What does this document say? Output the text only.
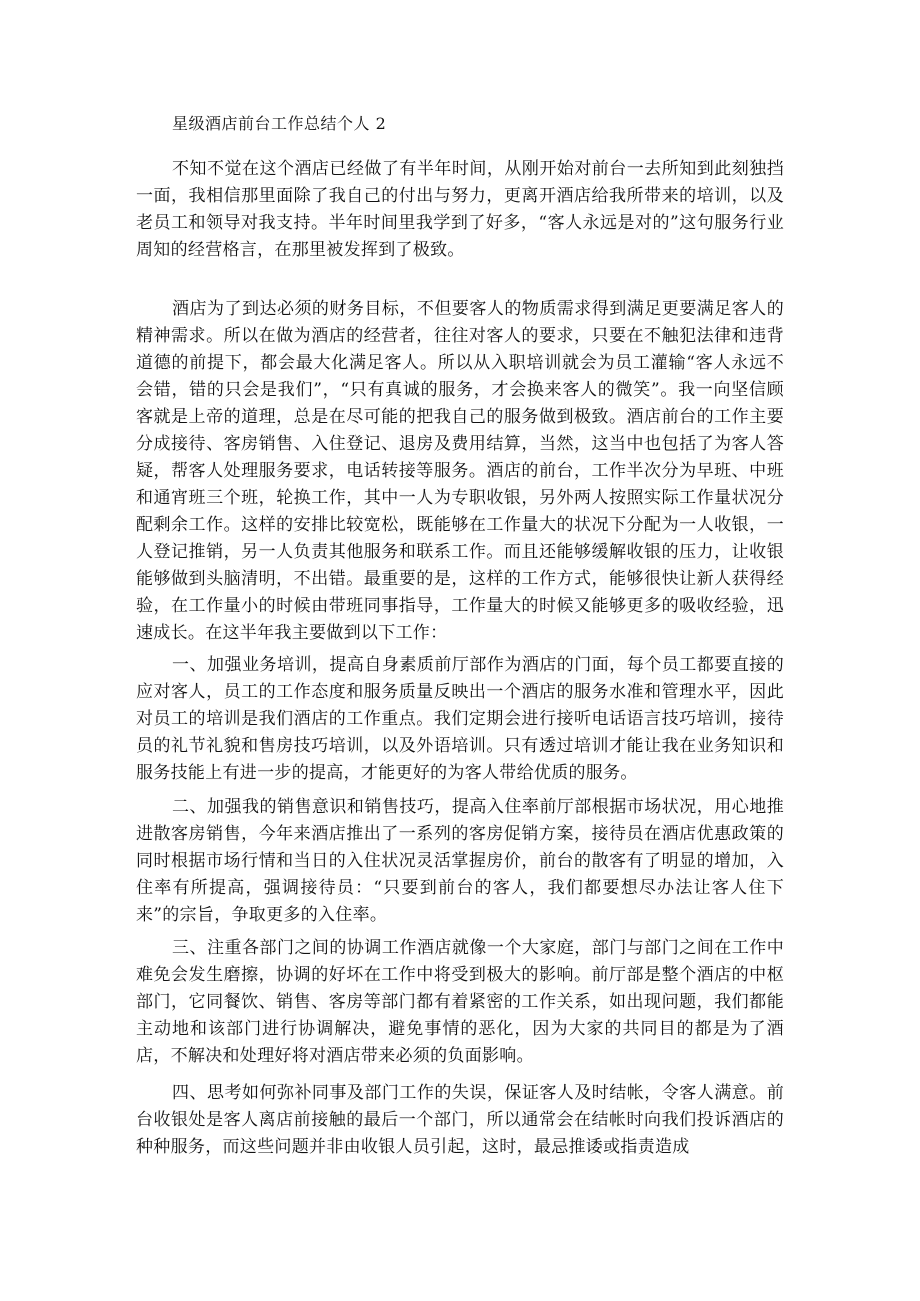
星级酒店前台工作总结个人 2

不知不觉在这个酒店已经做了有半年时间，从刚开始对前台一去所知到此刻独挡一面，我相信那里面除了我自己的付出与努力，更离开酒店给我所带来的培训，以及老员工和领导对我支持。半年时间里我学到了好多，“客人永远是对的”这句服务行业周知的经营格言，在那里被发挥到了极致。

酒店为了到达必须的财务目标，不但要客人的物质需求得到满足更要满足客人的精神需求。所以在做为酒店的经营者，往往对客人的要求，只要在不触犯法律和违背道德的前提下，都会最大化满足客人。所以从入职培训就会为员工灌输“客人永远不会错，错的只会是我们”，“只有真诚的服务，才会换来客人的微笑”。我一向坚信顾客就是上帝的道理，总是在尽可能的把我自己的服务做到极致。酒店前台的工作主要分成接待、客房销售、入住登记、退房及费用结算，当然，这当中也包括了为客人答疑，帮客人处理服务要求，电话转接等服务。酒店的前台，工作半次分为早班、中班和通宵班三个班，轮换工作，其中一人为专职收银，另外两人按照实际工作量状况分配剩余工作。这样的安排比较宽松，既能够在工作量大的状况下分配为一人收银，一人登记推销，另一人负责其他服务和联系工作。而且还能够缓解收银的压力，让收银能够做到头脑清明，不出错。最重要的是，这样的工作方式，能够很快让新人获得经验，在工作量小的时候由带班同事指导，工作量大的时候又能够更多的吸收经验，迅速成长。在这半年我主要做到以下工作：

一、加强业务培训，提高自身素质前厅部作为酒店的门面，每个员工都要直接的应对客人，员工的工作态度和服务质量反映出一个酒店的服务水准和管理水平，因此对员工的培训是我们酒店的工作重点。我们定期会进行接听电话语言技巧培训，接待员的礼节礼貌和售房技巧培训，以及外语培训。只有透过培训才能让我在业务知识和服务技能上有进一步的提高，才能更好的为客人带给优质的服务。

二、加强我的销售意识和销售技巧，提高入住率前厅部根据市场状况，用心地推进散客房销售，今年来酒店推出了一系列的客房促销方案，接待员在酒店优惠政策的同时根据市场行情和当日的入住状况灵活掌握房价，前台的散客有了明显的增加，入住率有所提高，强调接待员：“只要到前台的客人，我们都要想尽办法让客人住下来”的宗旨，争取更多的入住率。

三、注重各部门之间的协调工作酒店就像一个大家庭，部门与部门之间在工作中难免会发生磨擦，协调的好坏在工作中将受到极大的影响。前厅部是整个酒店的中枢部门，它同餐饮、销售、客房等部门都有着紧密的工作关系，如出现问题，我们都能主动地和该部门进行协调解决，避免事情的恶化，因为大家的共同目的都是为了酒店，不解决和处理好将对酒店带来必须的负面影响。

四、思考如何弥补同事及部门工作的失误，保证客人及时结帐，令客人满意。前台收银处是客人离店前接触的最后一个部门，所以通常会在结帐时向我们投诉酒店的种种服务，而这些问题并非由收银人员引起，这时，最忌推诿或指责造成
